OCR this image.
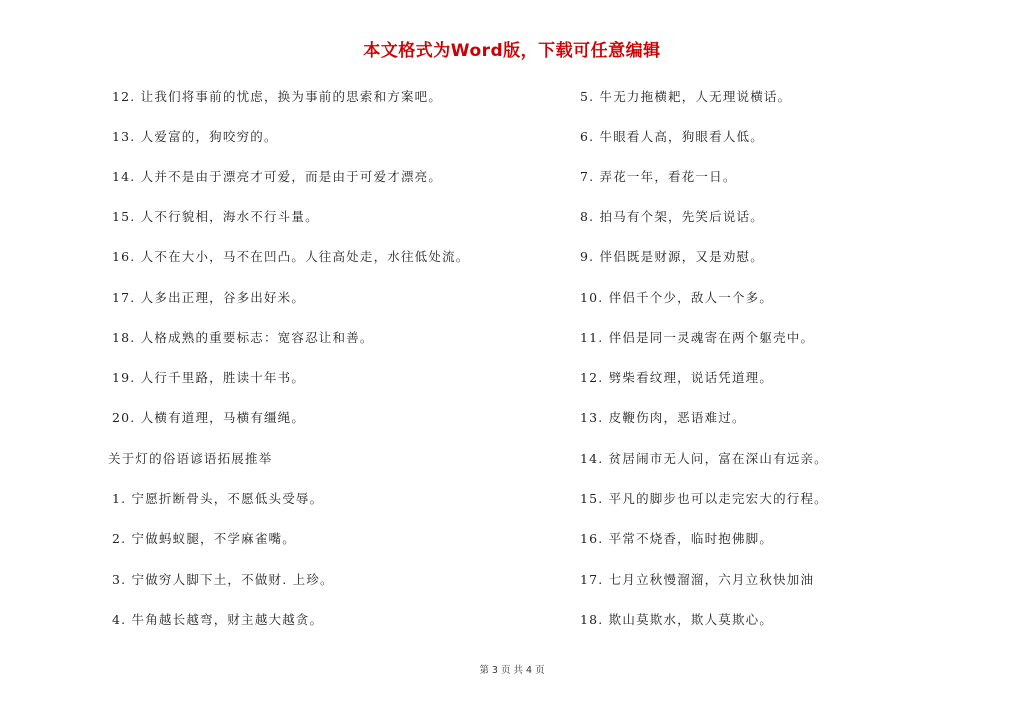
本文格式为Word版，下载可任意编辑
12. 让我们将事前的忧虑，换为事前的思索和方案吧。
13. 人爱富的，狗咬穷的。
14. 人并不是由于漂亮才可爱，而是由于可爱才漂亮。
15. 人不行貌相，海水不行斗量。
16. 人不在大小，马不在凹凸。人往高处走，水往低处流。
17. 人多出正理，谷多出好米。
18. 人格成熟的重要标志：宽容忍让和善。
19. 人行千里路，胜读十年书。
20. 人横有道理，马横有缰绳。
关于灯的俗语谚语拓展推举
1. 宁愿折断骨头，不愿低头受辱。
2. 宁做蚂蚁腿，不学麻雀嘴。
3. 宁做穷人脚下土，不做财. 上珍。
4. 牛角越长越弯，财主越大越贪。
5. 牛无力拖横耙，人无理说横话。
6. 牛眼看人高，狗眼看人低。
7. 弄花一年，看花一日。
8. 拍马有个架，先笑后说话。
9. 伴侣既是财源，又是劝慰。
10. 伴侣千个少，敌人一个多。
11. 伴侣是同一灵魂寄在两个躯壳中。
12. 劈柴看纹理，说话凭道理。
13. 皮鞭伤肉，恶语难过。
14. 贫居闹市无人问，富在深山有远亲。
15. 平凡的脚步也可以走完宏大的行程。
16. 平常不烧香，临时抱佛脚。
17. 七月立秋慢溜溜，六月立秋快加油
18. 欺山莫欺水，欺人莫欺心。
第 3 页 共 4 页
